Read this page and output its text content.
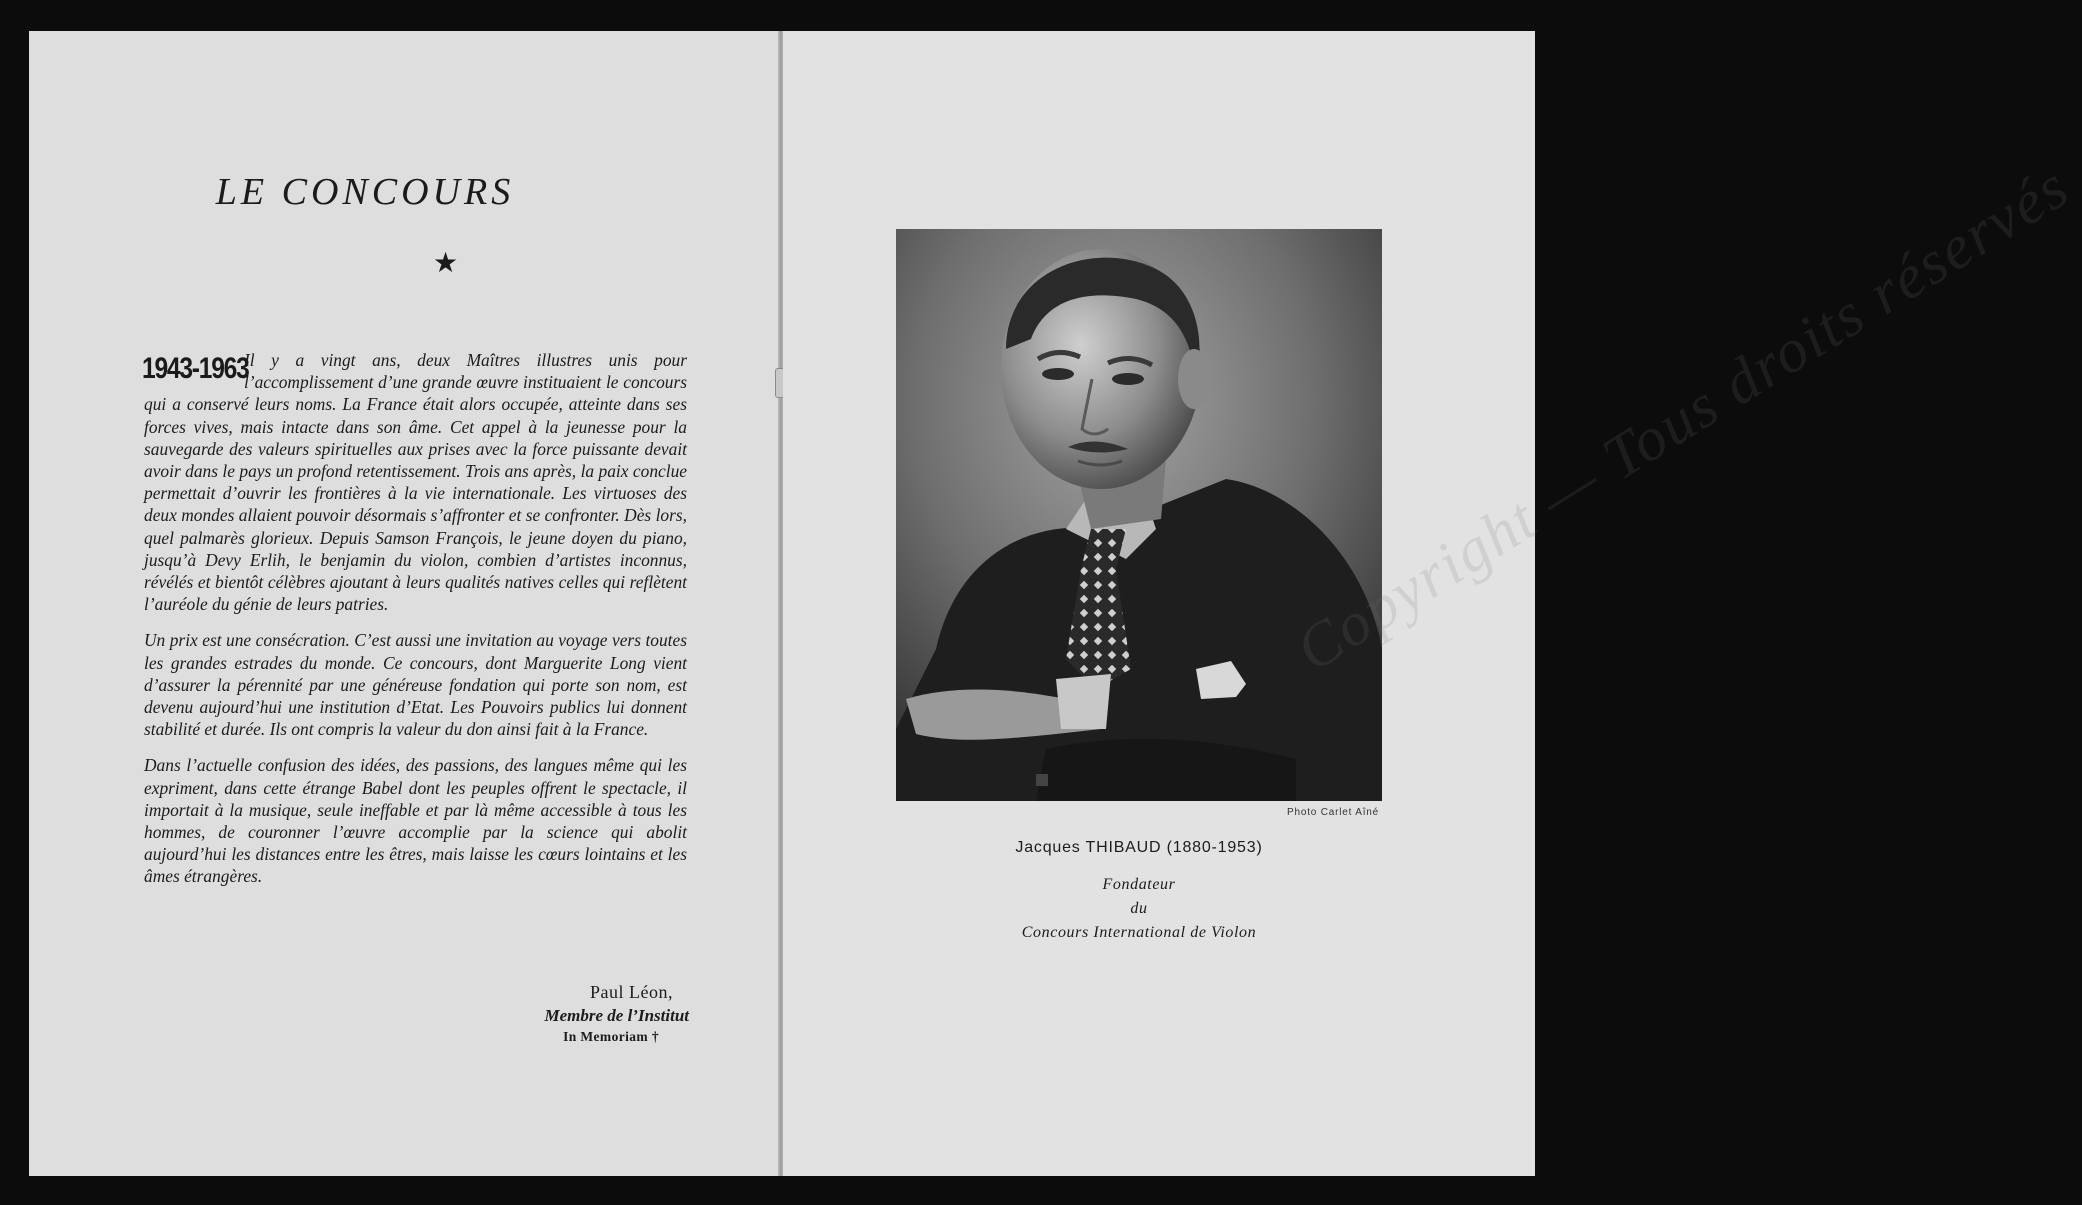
LE CONCOURS
★

1943-1963
Il y a vingt ans, deux Maîtres illustres unis pour l’accomplissement d’une grande œuvre instituaient le concours qui a conservé leurs noms. La France était alors occupée, atteinte dans ses forces vives, mais intacte dans son âme. Cet appel à la jeunesse pour la sauvegarde des valeurs spirituelles aux prises avec la force puissante devait avoir dans le pays un profond retentissement. Trois ans après, la paix conclue permettait d’ouvrir les frontières à la vie internationale. Les virtuoses des deux mondes allaient pouvoir désormais s’affronter et se confronter. Dès lors, quel palmarès glorieux. Depuis Samson François, le jeune doyen du piano, jusqu’à Devy Erlih, le benjamin du violon, combien d’artistes inconnus, révélés et bientôt célèbres ajoutant à leurs qualités natives celles qui reflètent l’auréole du génie de leurs patries.

Un prix est une consécration. C’est aussi une invitation au voyage vers toutes les grandes estrades du monde. Ce concours, dont Marguerite Long vient d’assurer la pérennité par une généreuse fondation qui porte son nom, est devenu aujourd’hui une institution d’Etat. Les Pouvoirs publics lui donnent stabilité et durée. Ils ont compris la valeur du don ainsi fait à la France.

Dans l’actuelle confusion des idées, des passions, des langues même qui les expriment, dans cette étrange Babel dont les peuples offrent le spectacle, il importait à la musique, seule ineffable et par là même accessible à tous les hommes, de couronner l’œuvre accomplie par la science qui abolit aujourd’hui les distances entre les êtres, mais laisse les cœurs lointains et les âmes étrangères.

Paul Léon,
Membre de l’Institut
In Memoriam †
Photo Carlet Aîné
Jacques THIBAUD (1880-1953)
Fondateur
du
Concours International de Violon
Copyright — Tous droits réservés
